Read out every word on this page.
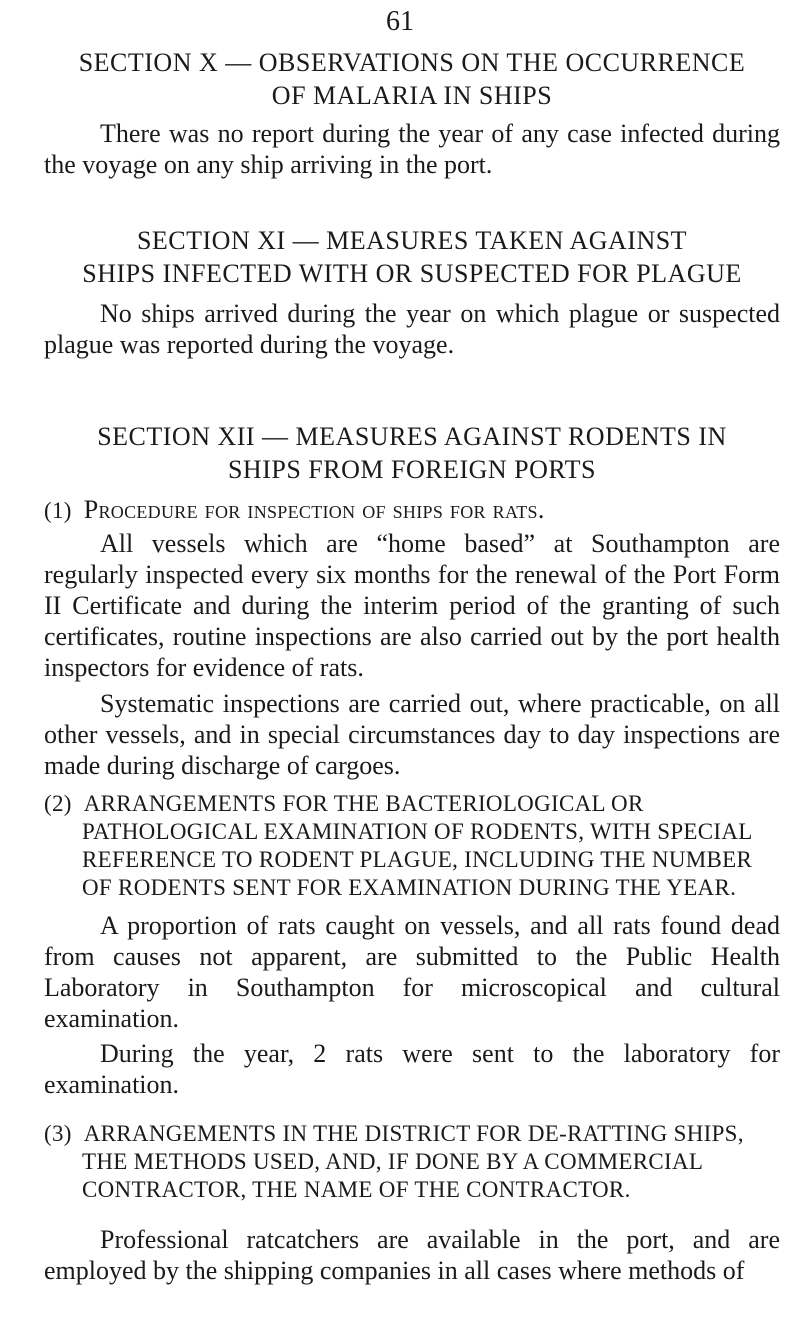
61
SECTION X — OBSERVATIONS ON THE OCCURRENCE
OF MALARIA IN SHIPS

There was no report during the year of any case infected during the voyage on any ship arriving in the port.

SECTION XI — MEASURES TAKEN AGAINST
SHIPS INFECTED WITH OR SUSPECTED FOR PLAGUE

No ships arrived during the year on which plague or suspected plague was reported during the voyage.

SECTION XII — MEASURES AGAINST RODENTS IN
SHIPS FROM FOREIGN PORTS

(1) Procedure for inspection of ships for rats.

All vessels which are “home based” at Southampton are regularly inspected every six months for the renewal of the Port Form II Certificate and during the interim period of the granting of such certificates, routine inspections are also carried out by the port health inspectors for evidence of rats.

Systematic inspections are carried out, where practicable, on all other vessels, and in special circumstances day to day inspections are made during discharge of cargoes.

(2) ARRANGEMENTS FOR THE BACTERIOLOGICAL OR PATHOLOGICAL EXAMINATION OF RODENTS, WITH SPECIAL REFERENCE TO RODENT PLAGUE, INCLUDING THE NUMBER OF RODENTS SENT FOR EXAMINATION DURING THE YEAR.

A proportion of rats caught on vessels, and all rats found dead from causes not apparent, are submitted to the Public Health Laboratory in Southampton for microscopical and cultural examination.

During the year, 2 rats were sent to the laboratory for examination.

(3) ARRANGEMENTS IN THE DISTRICT FOR DE-RATTING SHIPS, THE METHODS USED, AND, IF DONE BY A COMMERCIAL CONTRACTOR, THE NAME OF THE CONTRACTOR.

Professional ratcatchers are available in the port, and are employed by the shipping companies in all cases where methods of
